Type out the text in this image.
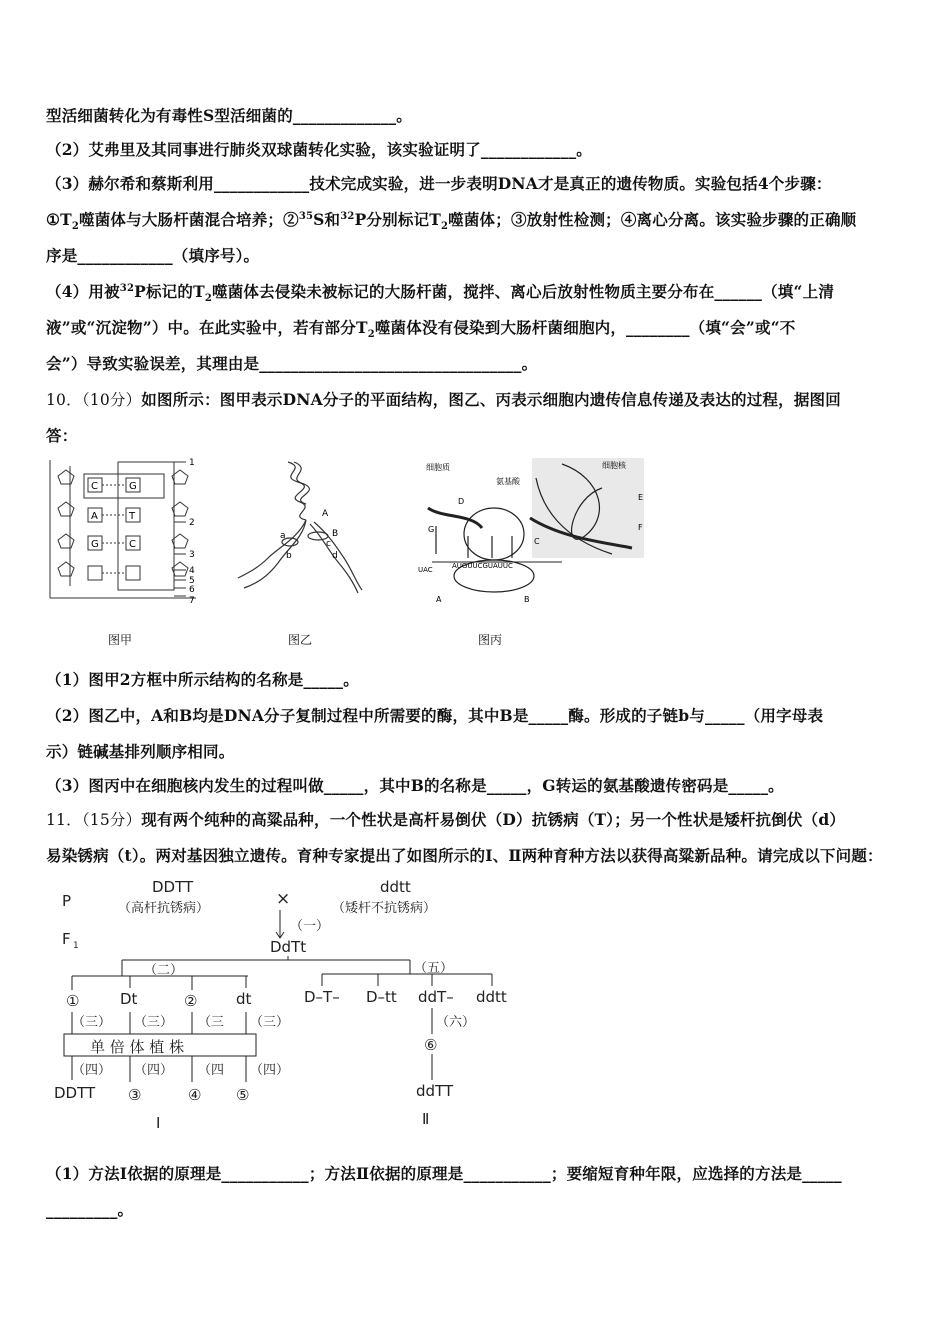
型活细菌转化为有毒性S型活细菌的_____________。
（2）艾弗里及其同事进行肺炎双球菌转化实验，该实验证明了____________。
（3）赫尔希和蔡斯利用____________技术完成实验，进一步表明DNA才是真正的遗传物质。实验包括4个步骤：
$①T_2$噬菌体与大肠杆菌混合培养；②$^{35}$S和$^{32}$P分别标记$T_2$噬菌体；③放射性检测；④离心分离。该实验步骤的正确顺
序是____________（填序号）。
（4）用被$^{32}$P标记的$T_2$噬菌体去侵染未被标记的大肠杆菌，搅拌、离心后放射性物质主要分布在______（填“上清
液”或“沉淀物”）中。在此实验中，若有部分$T_2$噬菌体没有侵染到大肠杆菌细胞内，________（填“会”或“不
会”）导致实验误差，其理由是_________________________________。
10．（10分）如图所示：图甲表示DNA分子的平面结构，图乙、丙表示细胞内遗传信息传递及表达的过程，据图回
答：
C	G
A	T
G	C
1
2
3
4
5
6
7
图甲
A
B
a
b
c
d
图乙
细胞质
氨基酸
细胞核
D
G
C
A	B
E
F
UAC	AUGUUCGUAUUC
图丙
（1）图甲2方框中所示结构的名称是_____。
（2）图乙中，A和B均是DNA分子复制过程中所需要的酶，其中B是_____酶。形成的子链b与_____（用字母表
示）链碱基排列顺序相同。
（3）图丙中在细胞核内发生的过程叫做_____，其中B的名称是_____，G转运的氨基酸遗传密码是_____。
11．（15分）现有两个纯种的高粱品种，一个性状是高杆易倒伏（D）抗锈病（T）；另一个性状是矮杆抗倒伏（d）
易染锈病（t）。两对基因独立遗传。育种专家提出了如图所示的Ⅰ、Ⅱ两种育种方法以获得高粱新品种。请完成以下问题：
P
F 1
DDTT
（高杆抗锈病）	×
ddtt
（矮杆不抗锈病）
（一）
DdTt
（二）	（五）
①	Dt	②	dt	D–T– D–tt ddT– ddtt
（三） （三） （三 （三）	（六）
单 倍 体 植 株
（四） （四） （四 （四）
⑥
DDTT ③	④ ⑤	ddTT
Ⅰ	Ⅱ
（1）方法Ⅰ依据的原理是___________；方法Ⅱ依据的原理是___________；要缩短育种年限，应选择的方法是_____
_________。
